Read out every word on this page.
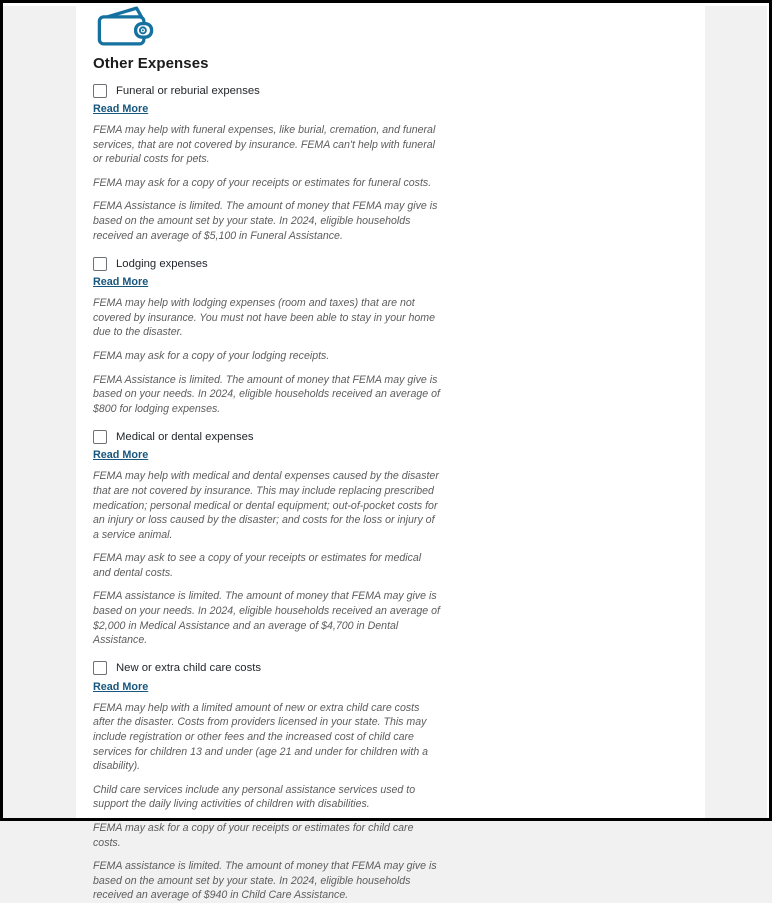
Other Expenses
Funeral or reburial expenses
Read More

FEMA may help with funeral expenses, like burial, cremation, and funeral services, that are not covered by insurance. FEMA can't help with funeral or reburial costs for pets.

FEMA may ask for a copy of your receipts or estimates for funeral costs.

FEMA Assistance is limited. The amount of money that FEMA may give is based on the amount set by your state. In 2024, eligible households received an average of $5,100 in Funeral Assistance.

Lodging expenses
Read More

FEMA may help with lodging expenses (room and taxes) that are not covered by insurance. You must not have been able to stay in your home due to the disaster.

FEMA may ask for a copy of your lodging receipts.

FEMA Assistance is limited. The amount of money that FEMA may give is based on your needs. In 2024, eligible households received an average of $800 for lodging expenses.

Medical or dental expenses
Read More

FEMA may help with medical and dental expenses caused by the disaster that are not covered by insurance. This may include replacing prescribed medication; personal medical or dental equipment; out-of-pocket costs for an injury or loss caused by the disaster; and costs for the loss or injury of a service animal.

FEMA may ask to see a copy of your receipts or estimates for medical and dental costs.

FEMA assistance is limited. The amount of money that FEMA may give is based on your needs. In 2024, eligible households received an average of $2,000 in Medical Assistance and an average of $4,700 in Dental Assistance.

New or extra child care costs
Read More

FEMA may help with a limited amount of new or extra child care costs after the disaster. Costs from providers licensed in your state. This may include registration or other fees and the increased cost of child care services for children 13 and under (age 21 and under for children with a disability).

Child care services include any personal assistance services used to support the daily living activities of children with disabilities.

FEMA may ask for a copy of your receipts or estimates for child care costs.

FEMA assistance is limited. The amount of money that FEMA may give is based on the amount set by your state. In 2024, eligible households received an average of $940 in Child Care Assistance.
